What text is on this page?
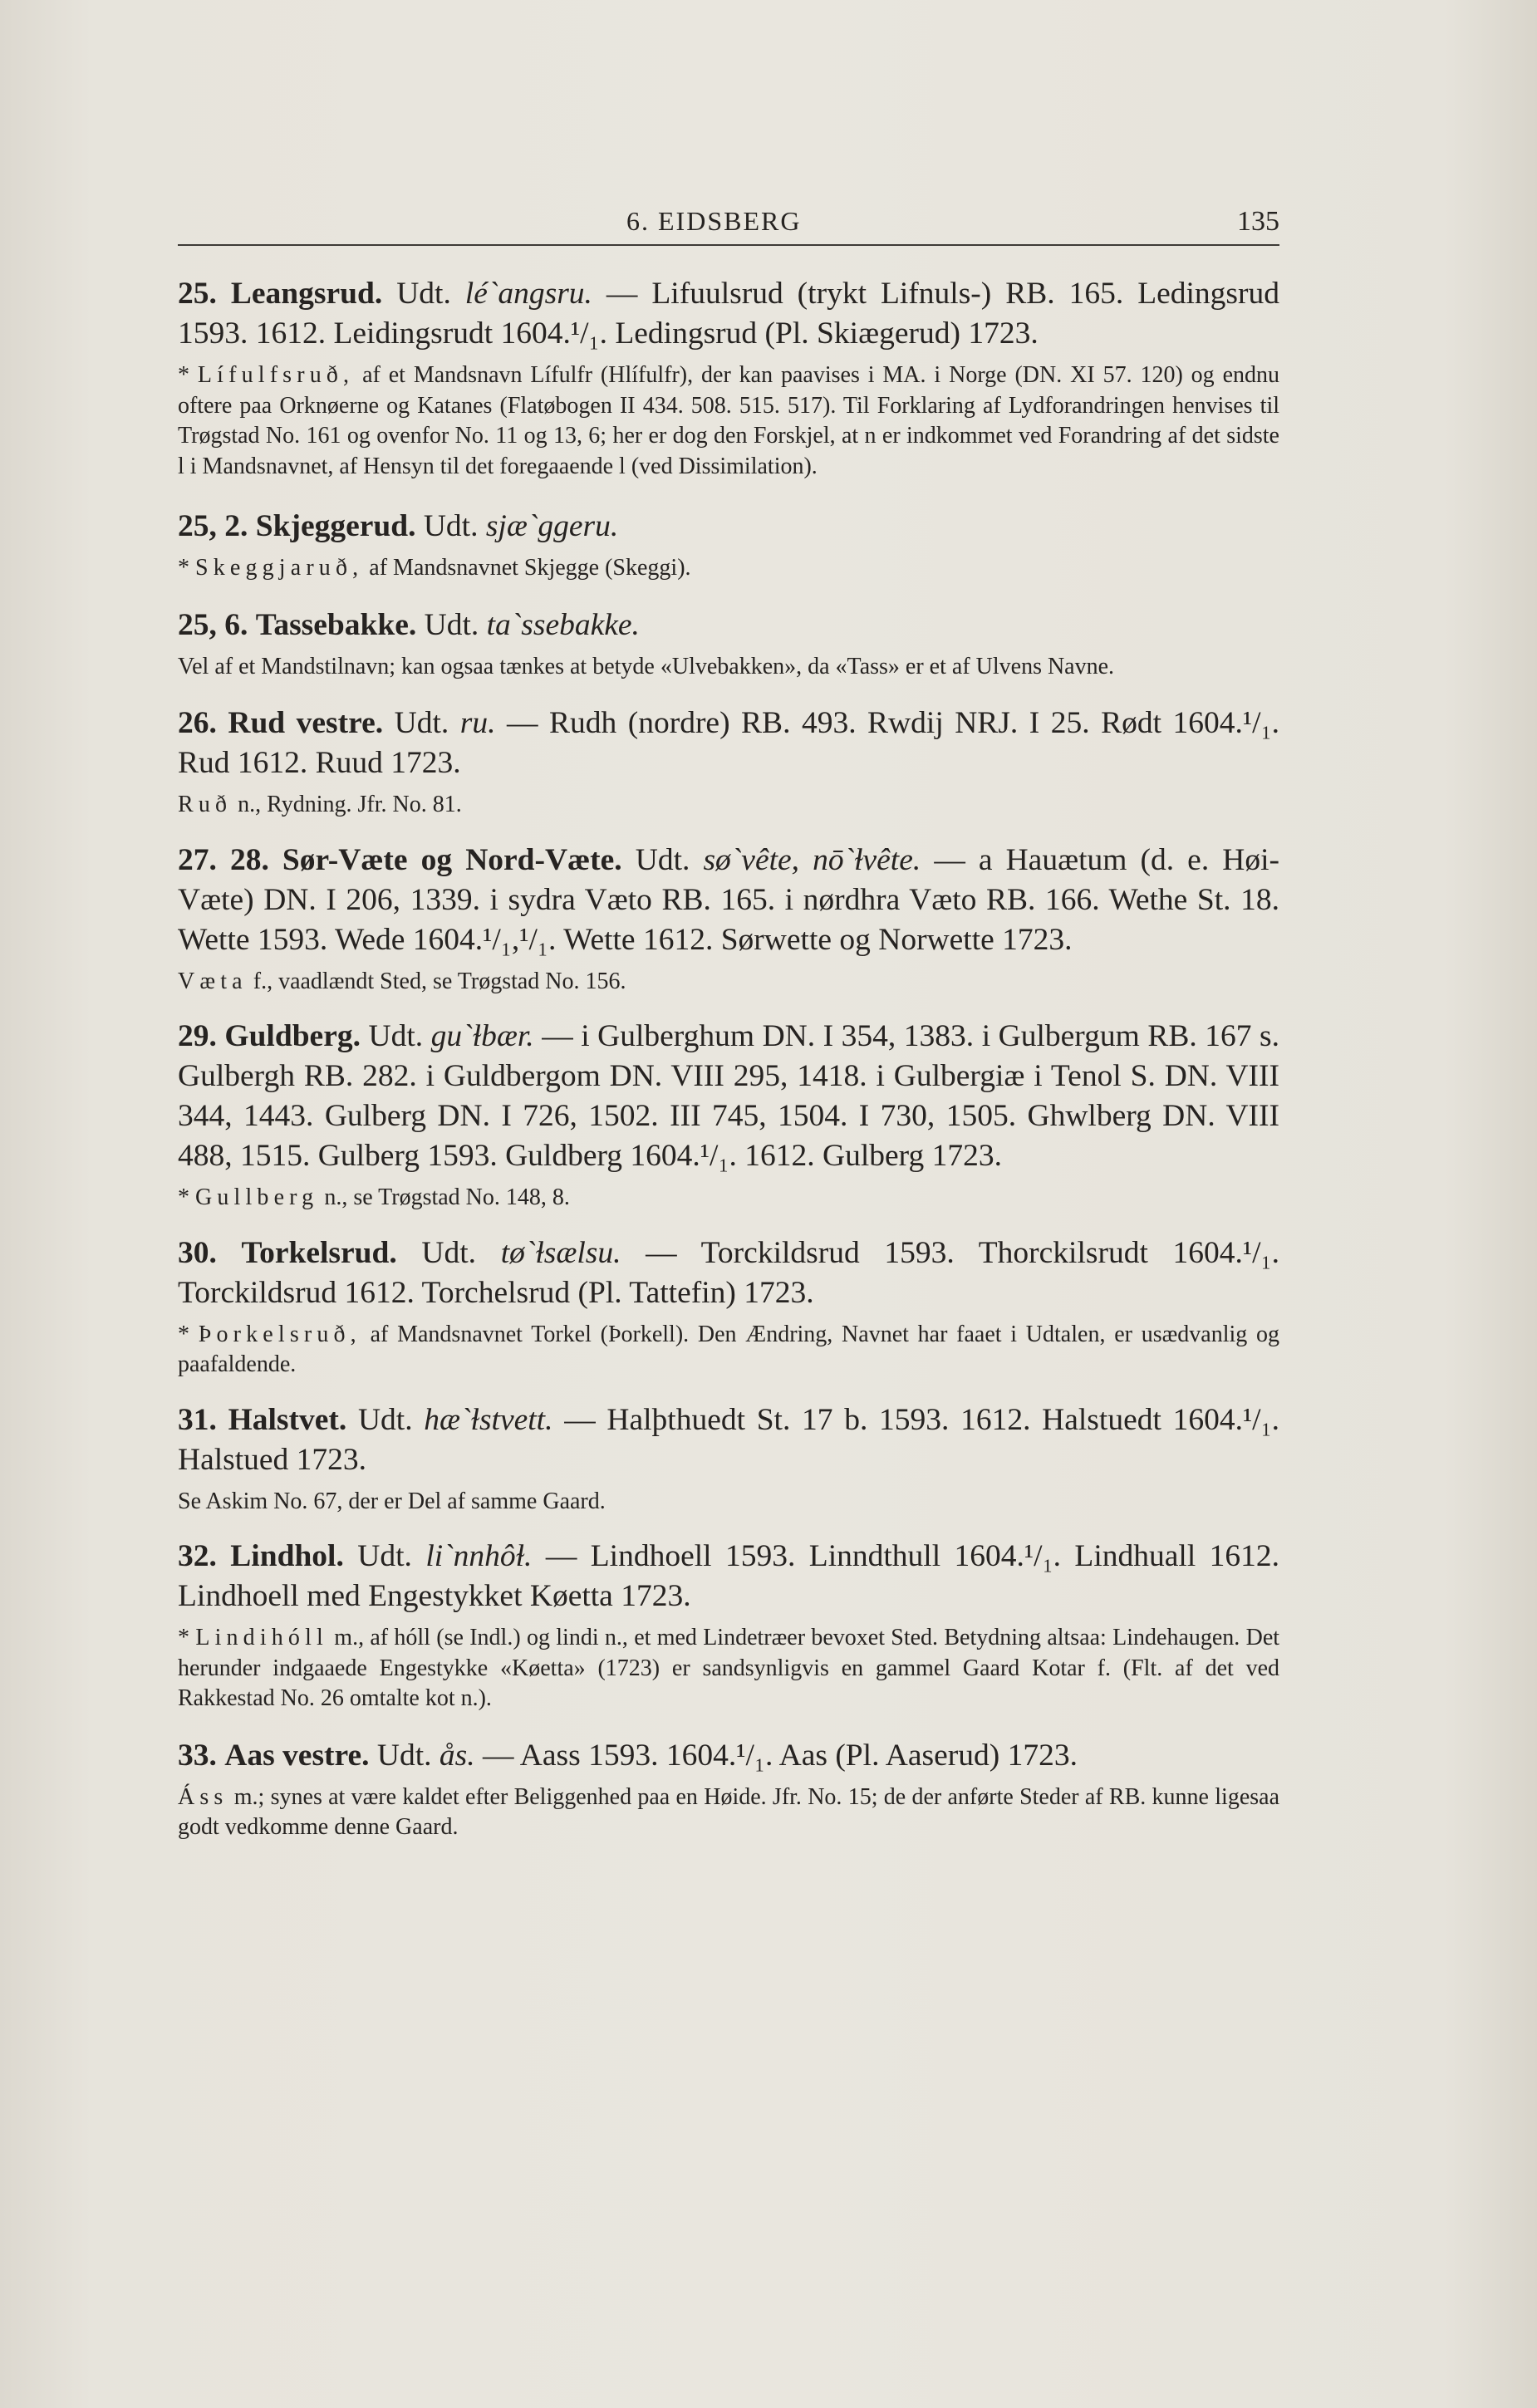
6. EIDSBERG	135

25. Leangsrud. Udt. lé`angsru. — Lifuulsrud (trykt Lifnuls-) RB. 165. Ledingsrud 1593. 1612. Leidingsrudt 1604.¹/₁. Ledingsrud (Pl. Skiægerud) 1723.

* Lífulfsruð, af et Mandsnavn Lífulfr (Hlífulfr), der kan paavises i MA. i Norge (DN. XI 57. 120) og endnu oftere paa Orknøerne og Katanes (Flatøbogen II 434. 508. 515. 517). Til Forklaring af Lydforandringen henvises til Trøgstad No. 161 og ovenfor No. 11 og 13, 6; her er dog den Forskjel, at n er indkommet ved Forandring af det sidste l i Mandsnavnet, af Hensyn til det foregaaende l (ved Dissimilation).

25, 2. Skjeggerud. Udt. sjæ`ggeru.

* Skeggjaruð, af Mandsnavnet Skjegge (Skeggi).

25, 6. Tassebakke. Udt. ta`ssebakke.

Vel af et Mandstilnavn; kan ogsaa tænkes at betyde «Ulvebakken», da «Tass» er et af Ulvens Navne.

26. Rud vestre. Udt. ru. — Rudh (nordre) RB. 493. Rwdij NRJ. I 25. Rødt 1604.¹/₁. Rud 1612. Ruud 1723.

Ruð n., Rydning. Jfr. No. 81.

27. 28. Sør-Væte og Nord-Væte. Udt. sø`vête, nō`ɫvête. — a Hauætum (d. e. Høi-Væte) DN. I 206, 1339. i sydra Væto RB. 165. i nørdhra Væto RB. 166. Wethe St. 18. Wette 1593. Wede 1604.¹/₁,¹/₁. Wette 1612. Sørwette og Norwette 1723.

Væta f., vaadlændt Sted, se Trøgstad No. 156.

29. Guldberg. Udt. gu`ɫbær. — i Gulberghum DN. I 354, 1383. i Gulbergum RB. 167 s. Gulbergh RB. 282. i Guldbergom DN. VIII 295, 1418. i Gulbergiæ i Tenol S. DN. VIII 344, 1443. Gulberg DN. I 726, 1502. III 745, 1504. I 730, 1505. Ghwlberg DN. VIII 488, 1515. Gulberg 1593. Guldberg 1604.¹/₁. 1612. Gulberg 1723.

* Gullberg n., se Trøgstad No. 148, 8.

30. Torkelsrud. Udt. tø`ɫsælsu. — Torckildsrud 1593. Thorckilsrudt 1604.¹/₁. Torckildsrud 1612. Torchelsrud (Pl. Tattefin) 1723.

* Þorkelsruð, af Mandsnavnet Torkel (Þorkell). Den Ændring, Navnet har faaet i Udtalen, er usædvanlig og paafaldende.

31. Halstvet. Udt. hæ`ɫstvett. — Halþthuedt St. 17 b. 1593. 1612. Halstuedt 1604.¹/₁. Halstued 1723.

Se Askim No. 67, der er Del af samme Gaard.

32. Lindhol. Udt. li`nnhôɫ. — Lindhoell 1593. Linndthull 1604.¹/₁. Lindhuall 1612. Lindhoell med Engestykket Køetta 1723.

* Lindihóll m., af hóll (se Indl.) og lindi n., et med Lindetræer bevoxet Sted. Betydning altsaa: Lindehaugen. Det herunder indgaaede Engestykke «Køetta» (1723) er sandsynligvis en gammel Gaard Kotar f. (Flt. af det ved Rakkestad No. 26 omtalte kot n.).

33. Aas vestre. Udt. ås. — Aass 1593. 1604.¹/₁. Aas (Pl. Aaserud) 1723.

Áss m.; synes at være kaldet efter Beliggenhed paa en Høide. Jfr. No. 15; de der anførte Steder af RB. kunne ligesaa godt vedkomme denne Gaard.
